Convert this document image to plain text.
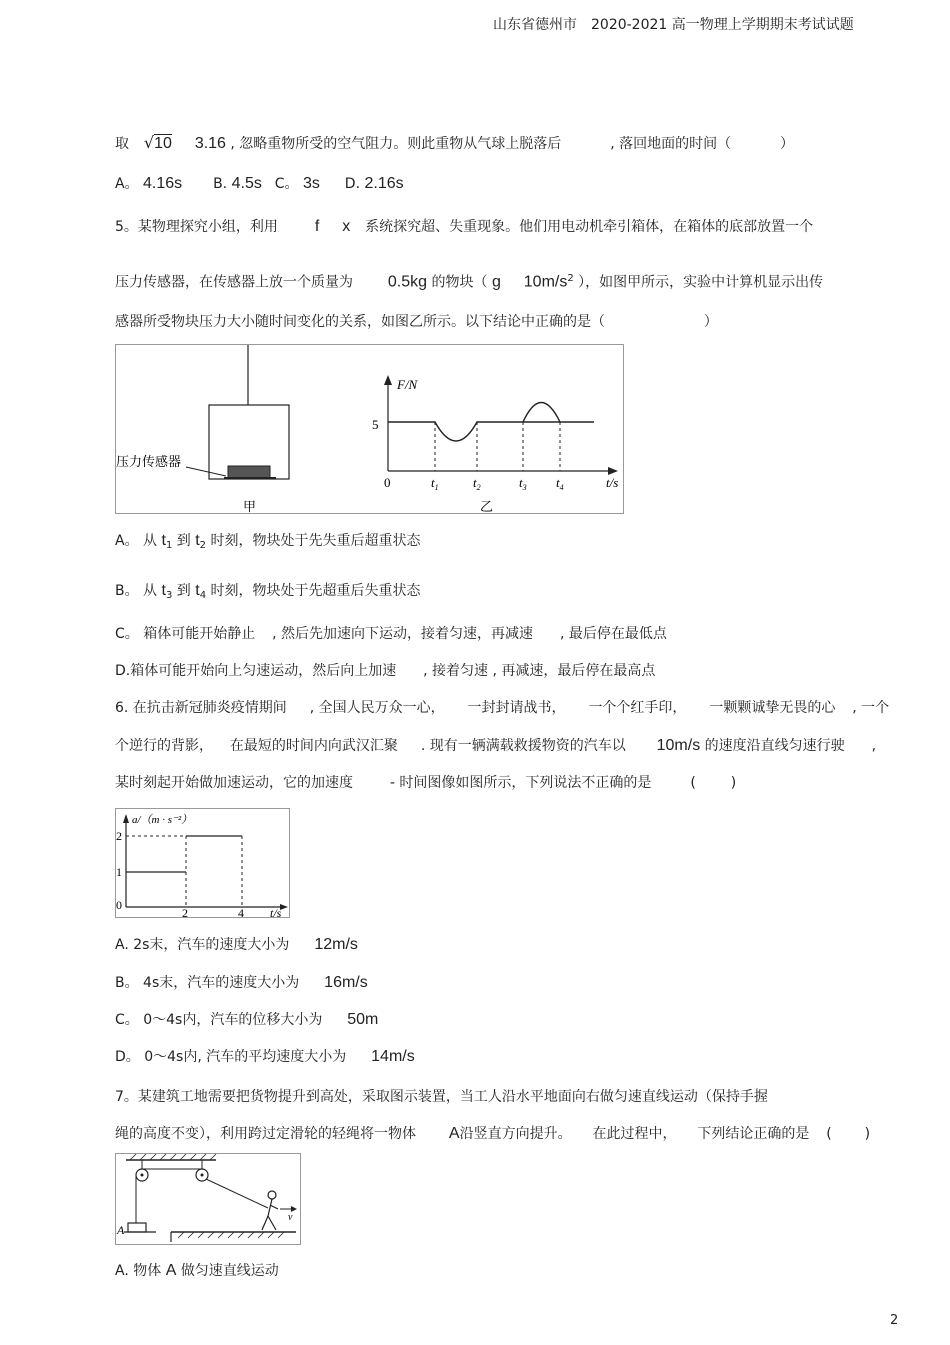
山东省德州市　2020-2021 高一物理上学期期末考试试题
取 √10 3.16 , 忽略重物所受的空气阻力。则此重物从气球上脱落后	, 落回地面的时间（	）
A。 4.16s B. 4.5s C。 3s D. 2.16s
5。某物理探究小组，利用 f x 系统探究超、失重现象。他们用电动机牵引箱体，在箱体的底部放置一个
压力传感器，在传感器上放一个质量为 0.5kg 的物块（ g $10m/s^2$ ），如图甲所示，实验中计算机显示出传
感器所受物块压力大小随时间变化的关系，如图乙所示。以下结论中正确的是（	）
压力传感器
甲
F/N
5
0	t/s
$t_1$	$t_2$	$t_3$ $t_4$
乙
A。 从 $t_1$ 到 $t_2$ 时刻，物块处于先失重后超重状态
B。 从 $t_3$ 到 $t_4$ 时刻，物块处于先超重后失重状态
C。 箱体可能开始静止 , 然后先加速向下运动，接着匀速，再减速 , 最后停在最低点
D.箱体可能开始向上匀速运动，然后向上加速 , 接着匀速 , 再减速，最后停在最高点
6. 在抗击新冠肺炎疫情期间 , 全国人民万众一心， 一封封请战书， 一个个红手印， 一颗颗诚挚无畏的心 , 一个
个逆行的背影， 在最短的时间内向武汉汇聚 . 现有一辆满载救援物资的汽车以 10m/s 的速度沿直线匀速行驶 ,
某时刻起开始做加速运动，它的加速度	- 时间图像如图所示，下列说法不正确的是	( )
a/（m · s⁻²）
2
1
0
2	4 t/s
A. 2s末，汽车的速度大小为 12m/s
B。 4s末，汽车的速度大小为 16m/s
C。 0～4s内，汽车的位移大小为 50m
D。 0～4s内, 汽车的平均速度大小为 14m/s
7。某建筑工地需要把货物提升到高处，采取图示装置，当工人沿水平地面向右做匀速直线运动（保持手握
绳的高度不变），利用跨过定滑轮的轻绳将一物体 A沿竖直方向提升。 在此过程中， 下列结论正确的是 ( )
A
v
A. 物体 A 做匀速直线运动
2
